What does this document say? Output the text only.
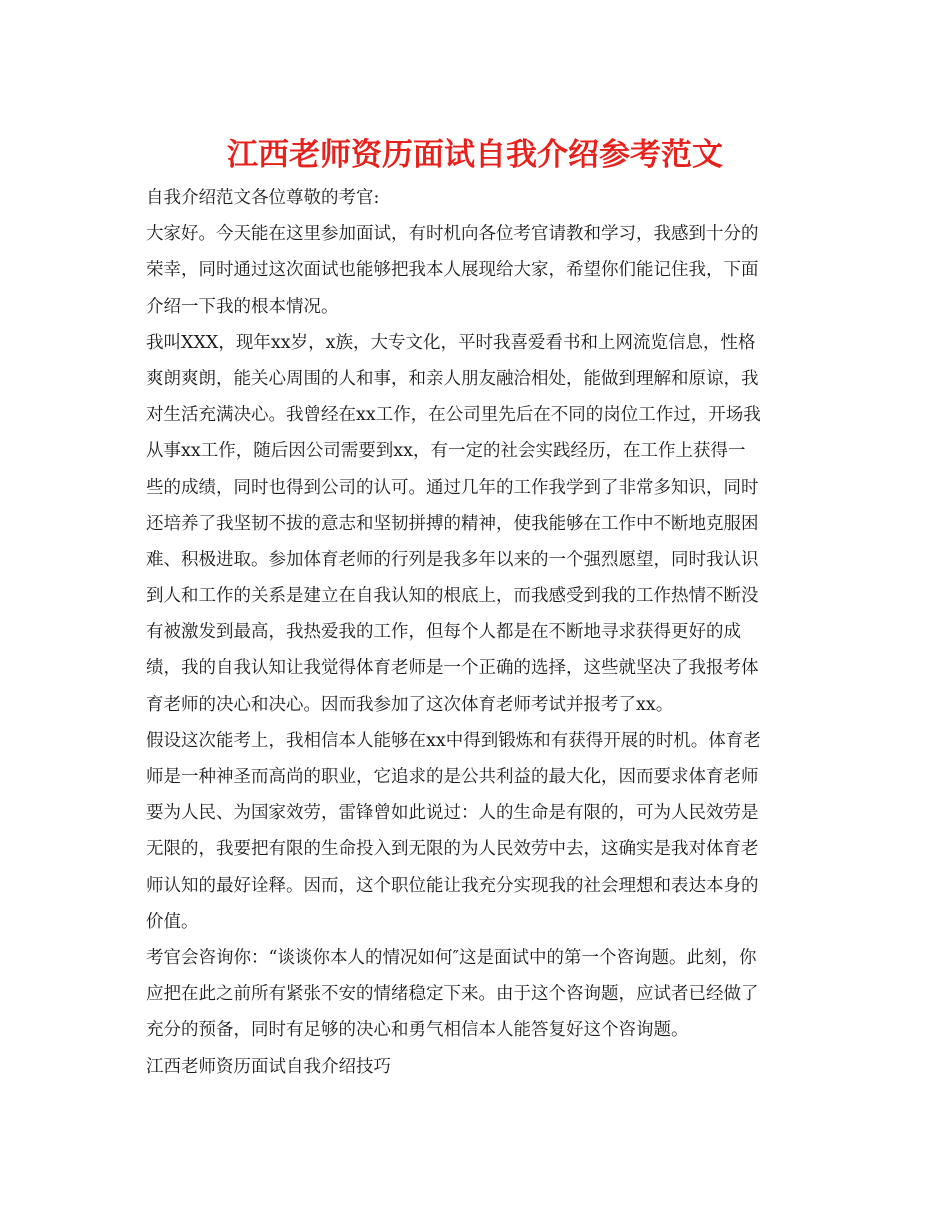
江西老师资历面试自我介绍参考范文
自我介绍范文各位尊敬的考官:
大家好。今天能在这里参加面试，有时机向各位考官请教和学习，我感到十分的
荣幸，同时通过这次面试也能够把我本人展现给大家，希望你们能记住我，下面
介绍一下我的根本情况。
我叫XXX，现年xx岁，x族，大专文化，平时我喜爱看书和上网流览信息，性格
爽朗爽朗，能关心周围的人和事，和亲人朋友融洽相处，能做到理解和原谅，我
对生活充满决心。我曾经在xx工作，在公司里先后在不同的岗位工作过，开场我
从事xx工作，随后因公司需要到xx，有一定的社会实践经历，在工作上获得一
些的成绩，同时也得到公司的认可。通过几年的工作我学到了非常多知识，同时
还培养了我坚韧不拔的意志和坚韧拼搏的精神，使我能够在工作中不断地克服困
难、积极进取。参加体育老师的行列是我多年以来的一个强烈愿望，同时我认识
到人和工作的关系是建立在自我认知的根底上，而我感受到我的工作热情不断没
有被激发到最高，我热爱我的工作，但每个人都是在不断地寻求获得更好的成
绩，我的自我认知让我觉得体育老师是一个正确的选择，这些就坚决了我报考体
育老师的决心和决心。因而我参加了这次体育老师考试并报考了xx。
假设这次能考上，我相信本人能够在xx中得到锻炼和有获得开展的时机。体育老
师是一种神圣而高尚的职业，它追求的是公共利益的最大化，因而要求体育老师
要为人民、为国家效劳，雷锋曾如此说过：人的生命是有限的，可为人民效劳是
无限的，我要把有限的生命投入到无限的为人民效劳中去，这确实是我对体育老
师认知的最好诠释。因而，这个职位能让我充分实现我的社会理想和表达本身的
价值。
考官会咨询你：“谈谈你本人的情况如何″这是面试中的第一个咨询题。此刻，你
应把在此之前所有紧张不安的情绪稳定下来。由于这个咨询题，应试者已经做了
充分的预备，同时有足够的决心和勇气相信本人能答复好这个咨询题。
江西老师资历面试自我介绍技巧
